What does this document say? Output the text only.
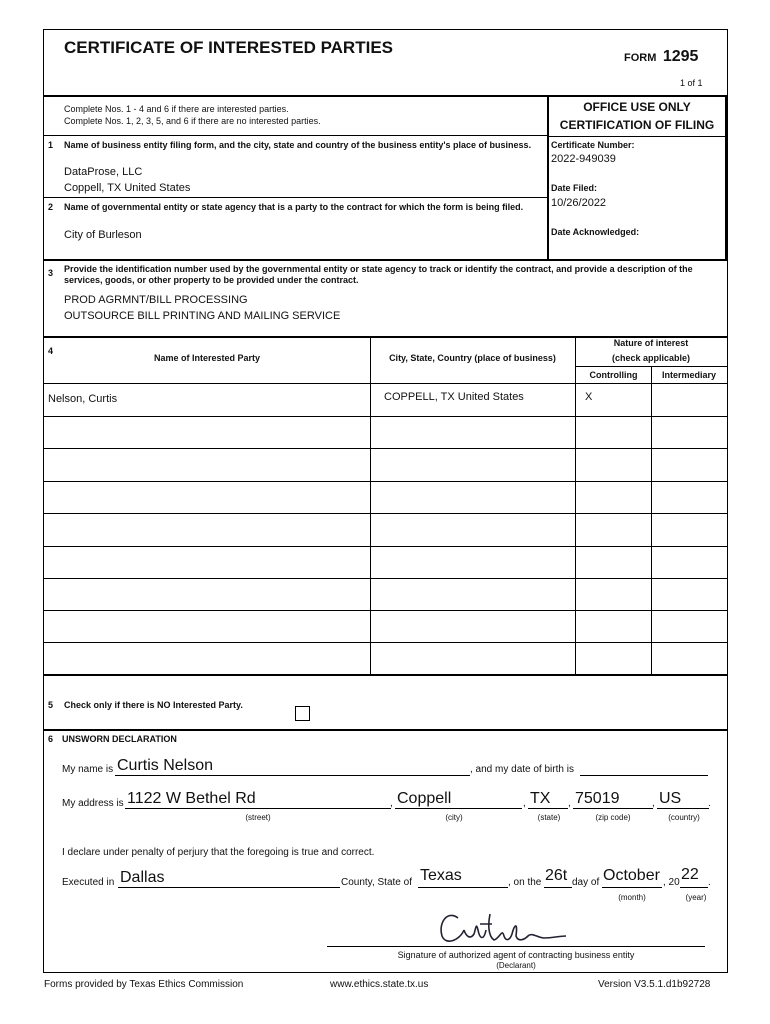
CERTIFICATE OF INTERESTED PARTIES
FORM 1295
1 of 1
Complete Nos. 1 - 4 and 6 if there are interested parties.
Complete Nos. 1, 2, 3, 5, and 6 if there are no interested parties.
OFFICE USE ONLY
CERTIFICATION OF FILING
Certificate Number:
2022-949039
Date Filed:
10/26/2022
Date Acknowledged:
1 Name of business entity filing form, and the city, state and country of the business entity's place of business.
DataProse, LLC
Coppell, TX United States
2 Name of governmental entity or state agency that is a party to the contract for which the form is being filed.
City of Burleson
3 Provide the identification number used by the governmental entity or state agency to track or identify the contract, and provide a description of the services, goods, or other property to be provided under the contract.
PROD AGRMNT/BILL PROCESSING
OUTSOURCE BILL PRINTING AND MAILING SERVICE
4
Name of Interested Party	City, State, Country (place of business)
Nature of interest
(check applicable)
Controlling	Intermediary
Nelson, Curtis	COPPELL, TX United States	X
5 Check only if there is NO Interested Party.
6 UNSWORN DECLARATION
My name is Curtis Nelson	, and my date of birth is
My address is 1122 W Bethel Rd	Coppell	TX 75019 US
,	,	,	,	.
(street)	(city)	(state)	(zip code)	(country)
I declare under penalty of perjury that the foregoing is true and correct.
Executed in Dallas	County, State of Texas	, on the 26t day of October , 20 22 .
(month)	(year)
Signature of authorized agent of contracting business entity
(Declarant)
Forms provided by Texas Ethics Commission	www.ethics.state.tx.us	Version V3.5.1.d1b92728
